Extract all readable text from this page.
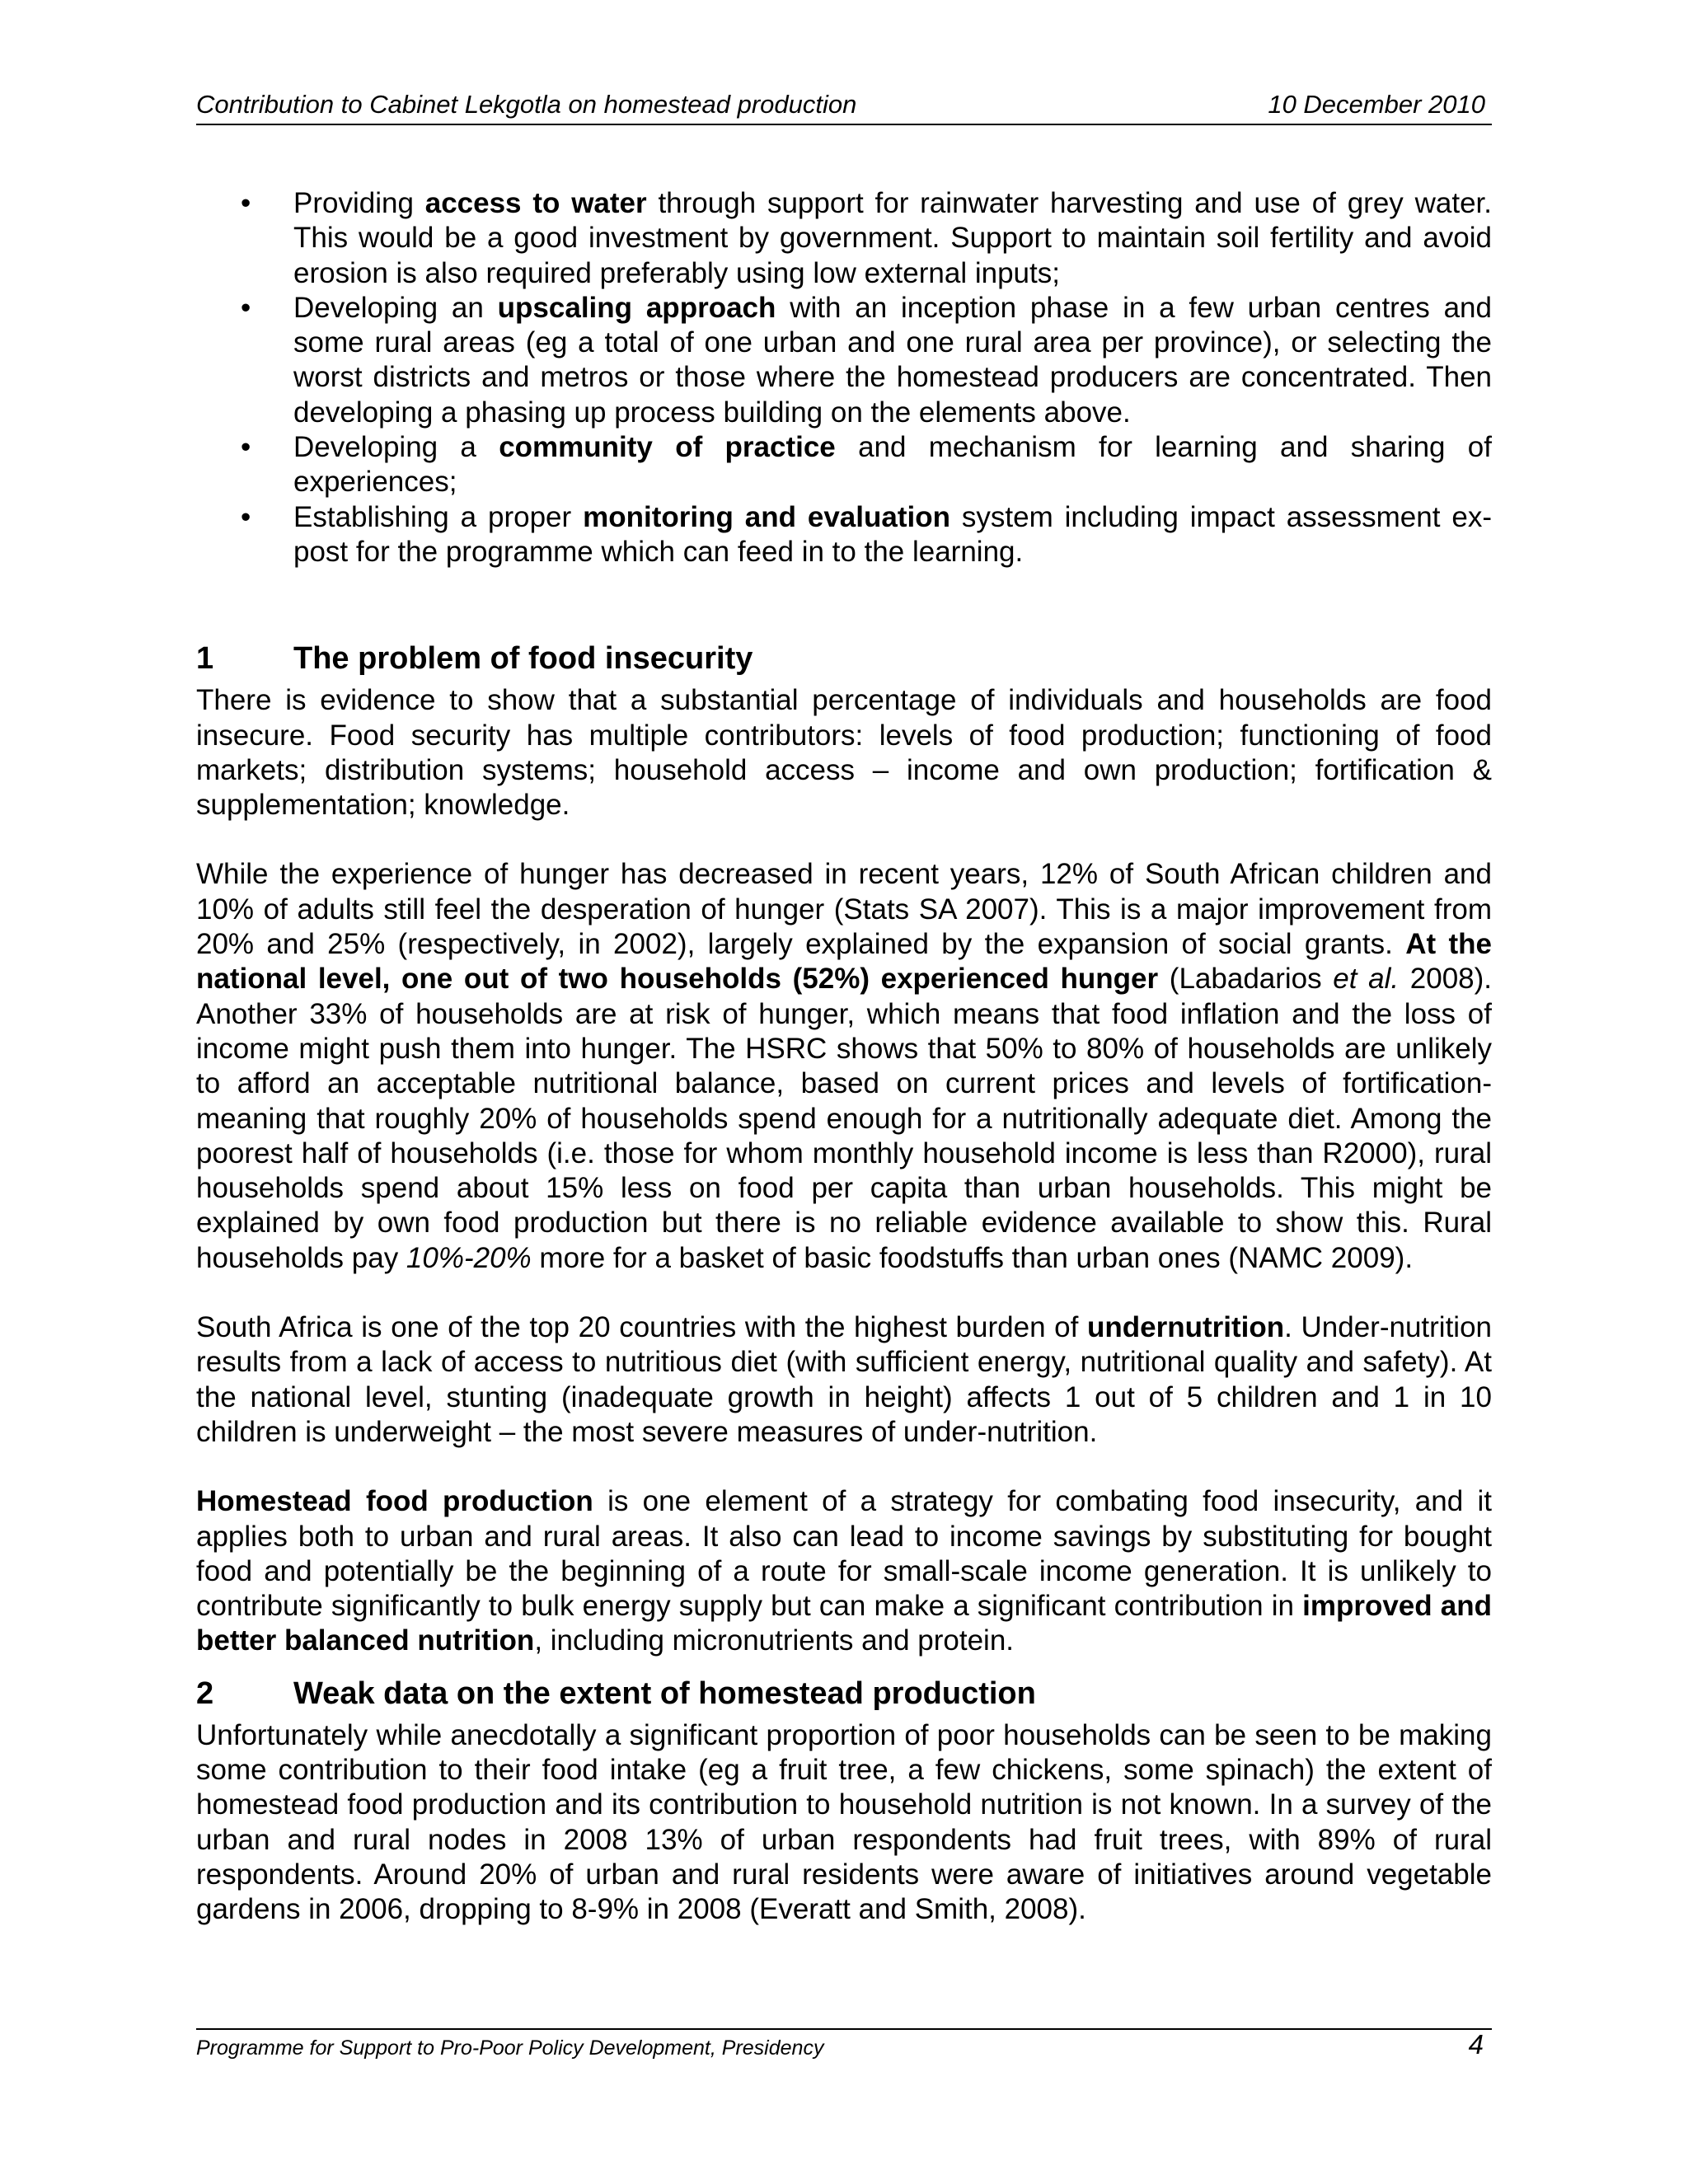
Contribution to Cabinet Lekgotla on homestead production	10 December 2010
• Providing access to water through support for rainwater harvesting and use of grey water. This would be a good investment by government. Support to maintain soil fertility and avoid erosion is also required preferably using low external inputs;
• Developing an upscaling approach with an inception phase in a few urban centres and some rural areas (eg a total of one urban and one rural area per province), or selecting the worst districts and metros or those where the homestead producers are concentrated. Then developing a phasing up process building on the elements above.
• Developing a community of practice and mechanism for learning and sharing of experiences;
• Establishing a proper monitoring and evaluation system including impact assessment ex-post for the programme which can feed in to the learning.
1	The problem of food insecurity

There is evidence to show that a substantial percentage of individuals and households are food insecure. Food security has multiple contributors: levels of food production; functioning of food markets; distribution systems; household access – income and own production; fortification & supplementation; knowledge.

While the experience of hunger has decreased in recent years, 12% of South African children and 10% of adults still feel the desperation of hunger (Stats SA 2007). This is a major improvement from 20% and 25% (respectively, in 2002), largely explained by the expansion of social grants. At the national level, one out of two households (52%) experienced hunger (Labadarios et al. 2008). Another 33% of households are at risk of hunger, which means that food inflation and the loss of income might push them into hunger. The HSRC shows that 50% to 80% of households are unlikely to afford an acceptable nutritional balance, based on current prices and levels of fortification- meaning that roughly 20% of households spend enough for a nutritionally adequate diet. Among the poorest half of households (i.e. those for whom monthly household income is less than R2000), rural households spend about 15% less on food per capita than urban households. This might be explained by own food production but there is no reliable evidence available to show this. Rural households pay 10%-20% more for a basket of basic foodstuffs than urban ones (NAMC 2009).

South Africa is one of the top 20 countries with the highest burden of undernutrition. Under-nutrition results from a lack of access to nutritious diet (with sufficient energy, nutritional quality and safety). At the national level, stunting (inadequate growth in height) affects 1 out of 5 children and 1 in 10 children is underweight – the most severe measures of under-nutrition.

Homestead food production is one element of a strategy for combating food insecurity, and it applies both to urban and rural areas. It also can lead to income savings by substituting for bought food and potentially be the beginning of a route for small-scale income generation. It is unlikely to contribute significantly to bulk energy supply but can make a significant contribution in improved and better balanced nutrition, including micronutrients and protein.

2	Weak data on the extent of homestead production

Unfortunately while anecdotally a significant proportion of poor households can be seen to be making some contribution to their food intake (eg a fruit tree, a few chickens, some spinach) the extent of homestead food production and its contribution to household nutrition is not known. In a survey of the urban and rural nodes in 2008 13% of urban respondents had fruit trees, with 89% of rural respondents. Around 20% of urban and rural residents were aware of initiatives around vegetable gardens in 2006, dropping to 8-9% in 2008 (Everatt and Smith, 2008).

Programme for Support to Pro-Poor Policy Development, Presidency	4
